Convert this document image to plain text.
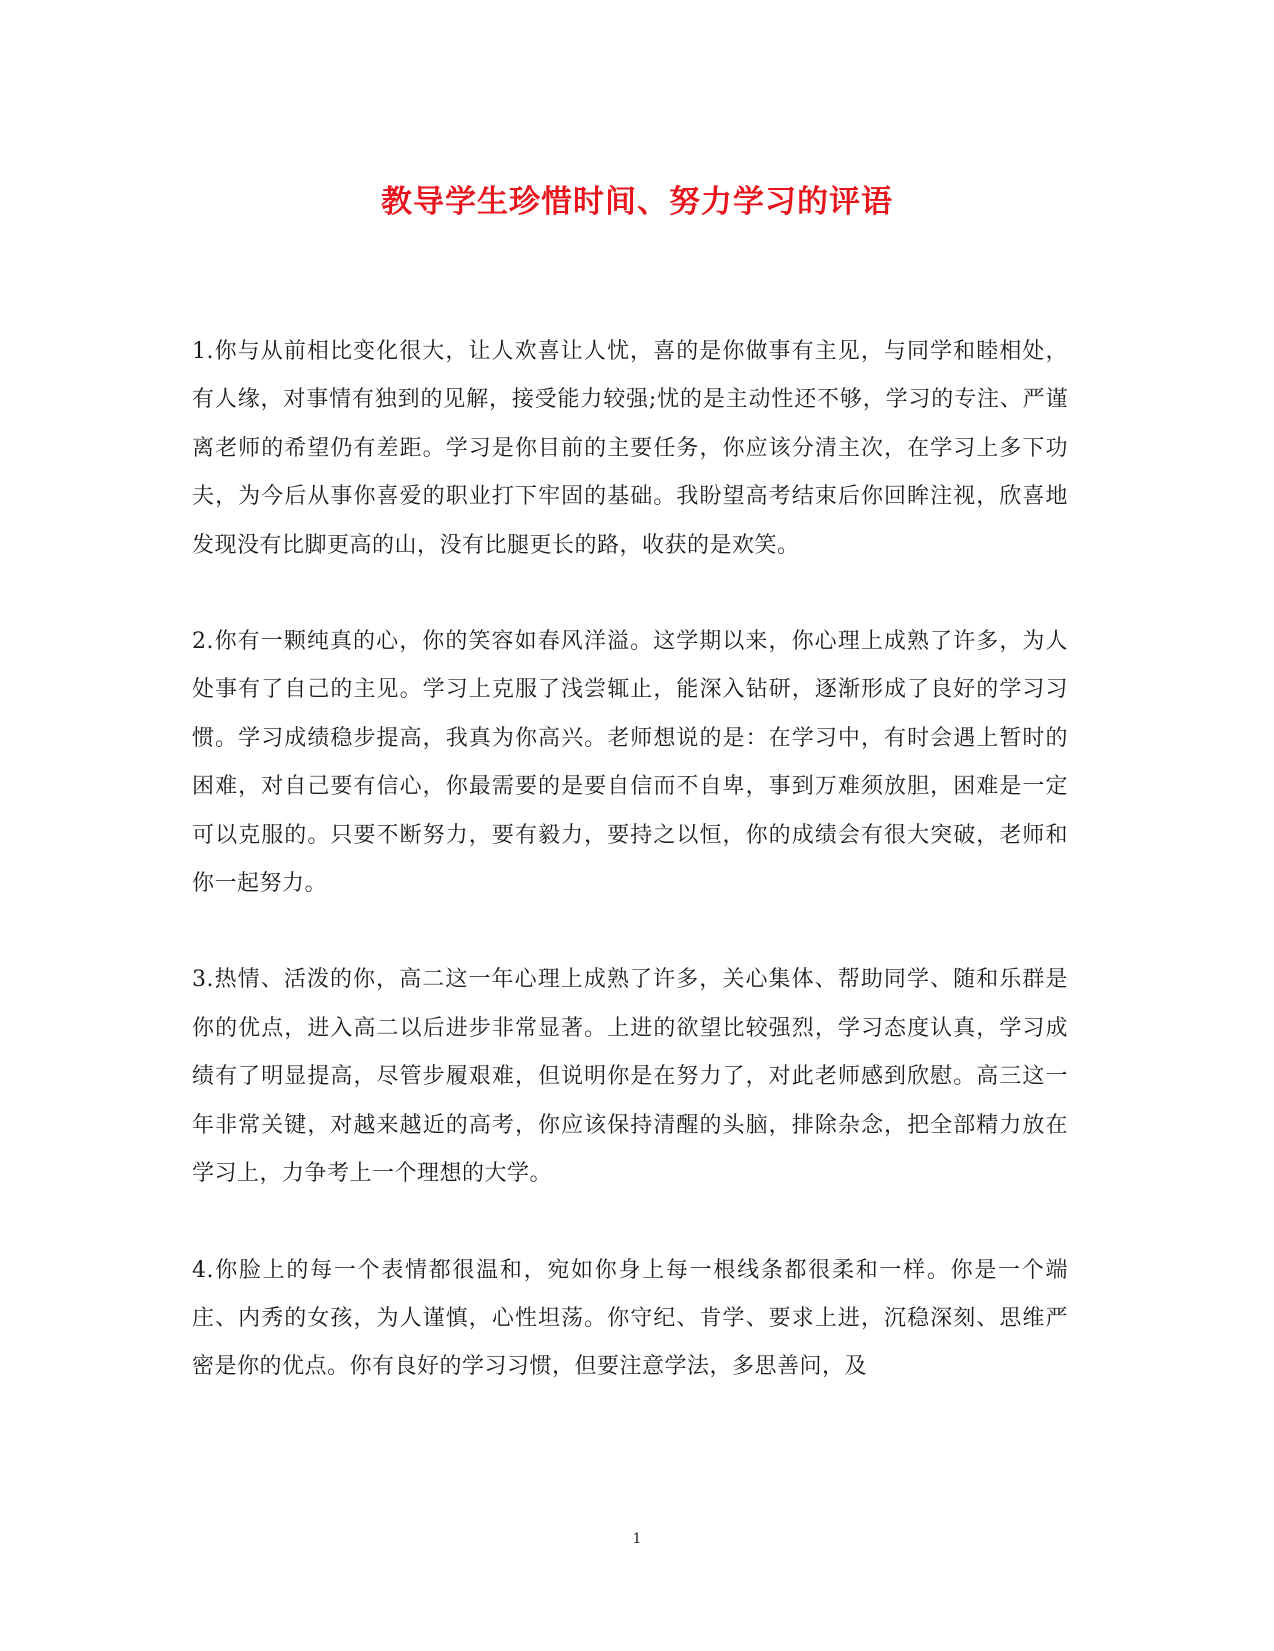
教导学生珍惜时间、努力学习的评语

1.你与从前相比变化很大，让人欢喜让人忧，喜的是你做事有主见，与同学和睦相处，有人缘，对事情有独到的见解，接受能力较强;忧的是主动性还不够，学习的专注、严谨离老师的希望仍有差距。学习是你目前的主要任务，你应该分清主次，在学习上多下功夫，为今后从事你喜爱的职业打下牢固的基础。我盼望高考结束后你回眸注视，欣喜地发现没有比脚更高的山，没有比腿更长的路，收获的是欢笑。

2.你有一颗纯真的心，你的笑容如春风洋溢。这学期以来，你心理上成熟了许多，为人处事有了自己的主见。学习上克服了浅尝辄止，能深入钻研，逐渐形成了良好的学习习惯。学习成绩稳步提高，我真为你高兴。老师想说的是：在学习中，有时会遇上暂时的困难，对自己要有信心，你最需要的是要自信而不自卑，事到万难须放胆，困难是一定可以克服的。只要不断努力，要有毅力，要持之以恒，你的成绩会有很大突破，老师和你一起努力。

3.热情、活泼的你，高二这一年心理上成熟了许多，关心集体、帮助同学、随和乐群是你的优点，进入高二以后进步非常显著。上进的欲望比较强烈，学习态度认真，学习成绩有了明显提高，尽管步履艰难，但说明你是在努力了，对此老师感到欣慰。高三这一年非常关键，对越来越近的高考，你应该保持清醒的头脑，排除杂念，把全部精力放在学习上，力争考上一个理想的大学。

4.你脸上的每一个表情都很温和，宛如你身上每一根线条都很柔和一样。你是一个端庄、内秀的女孩，为人谨慎，心性坦荡。你守纪、肯学、要求上进，沉稳深刻、思维严密是你的优点。你有良好的学习习惯，但要注意学法，多思善问，及

1
